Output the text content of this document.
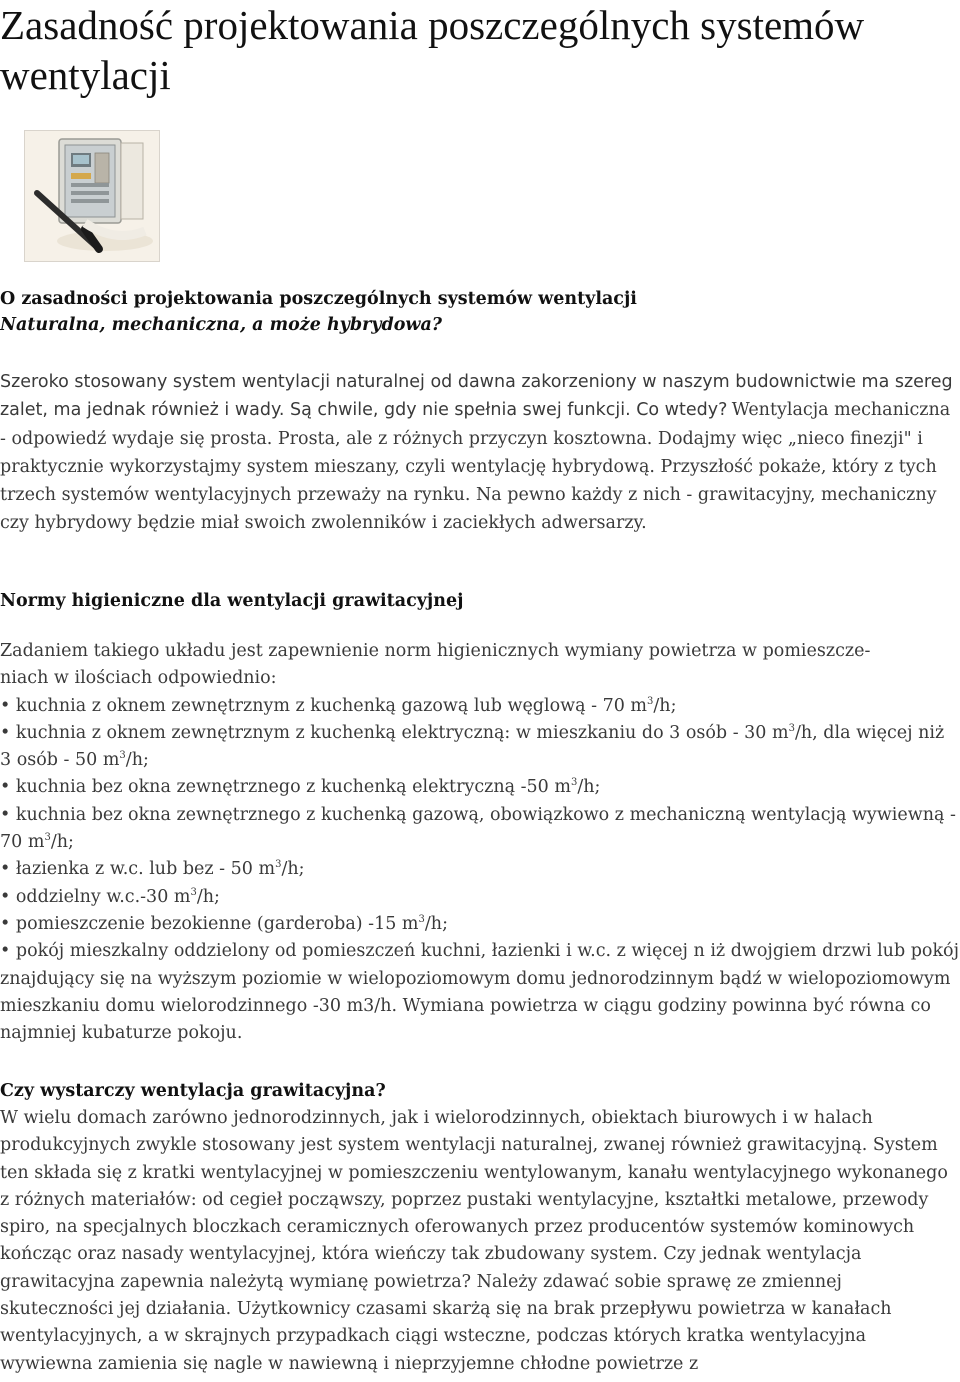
Zasadność projektowania poszczególnych systemów wentylacji
O zasadności projektowania poszczególnych systemów wentylacji
Naturalna, mechaniczna, a może hybrydowa?

Szeroko stosowany system wentylacji naturalnej od dawna zakorzeniony w naszym budownictwie ma szereg zalet, ma jednak również i wady. Są chwile, gdy nie spełnia swej funkcji. Co wtedy? Wentylacja mechaniczna - odpowiedź wydaje się prosta. Prosta, ale z różnych przyczyn kosztowna. Dodajmy więc „nieco finezji" i praktycznie wykorzystajmy system mieszany, czyli wentylację hybrydową. Przyszłość pokaże, który z tych trzech systemów wentylacyjnych przeważy na rynku. Na pewno każdy z nich - grawitacyjny, mechaniczny czy hybrydowy będzie miał swoich zwolenników i zaciekłych adwersarzy.

Normy higieniczne dla wentylacji grawitacyjnej
Zadaniem takiego układu jest zapewnienie norm higienicznych wymiany powietrza w pomieszcze-
niach w ilościach odpowiednio:
• kuchnia z oknem zewnętrznym z kuchenką gazową lub węglową - 70 $m^3/h$;
• kuchnia z oknem zewnętrznym z kuchenką elektryczną: w mieszkaniu do 3 osób - 30 $m^3/h$, dla więcej niż 3 osób - 50 $m^3/h$;
• kuchnia bez okna zewnętrznego z kuchenką elektryczną -50 $m^3/h$;
• kuchnia bez okna zewnętrznego z kuchenką gazową, obowiązkowo z mechaniczną wentylacją wywiewną - 70 $m^3/h$;
• łazienka z w.c. lub bez - 50 $m^3/h$;
• oddzielny w.c.-30 $m^3/h$;
• pomieszczenie bezokienne (garderoba) -15 $m^3/h$;
• pokój mieszkalny oddzielony od pomieszczeń kuchni, łazienki i w.c. z więcej n iż dwojgiem drzwi lub pokój znajdujący się na wyższym poziomie w wielopoziomowym domu jednorodzinnym bądź w wielopoziomowym mieszkaniu domu wielorodzinnego -30 m3/h. Wymiana powietrza w ciągu godziny powinna być równa co najmniej kubaturze pokoju.
Czy wystarczy wentylacja grawitacyjna?

W wielu domach zarówno jednorodzinnych, jak i wielorodzinnych, obiektach biurowych i w halach produkcyjnych zwykle stosowany jest system wentylacji naturalnej, zwanej również grawitacyjną. System ten składa się z kratki wentylacyjnej w pomieszczeniu wentylowanym, kanału wentylacyjnego wykonanego z różnych materiałów: od cegieł począwszy, poprzez pustaki wentylacyjne, kształtki metalowe, przewody spiro, na specjalnych bloczkach ceramicznych oferowanych przez producentów systemów kominowych kończąc oraz nasady wentylacyjnej, która wieńczy tak zbudowany system. Czy jednak wentylacja grawitacyjna zapewnia należytą wymianę powietrza? Należy zdawać sobie sprawę ze zmiennej skuteczności jej działania. Użytkownicy czasami skarżą się na brak przepływu powietrza w kanałach wentylacyjnych, a w skrajnych przypadkach ciągi wsteczne, podczas których kratka wentylacyjna wywiewna zamienia się nagle w nawiewną i nieprzyjemne chłodne powietrze z
